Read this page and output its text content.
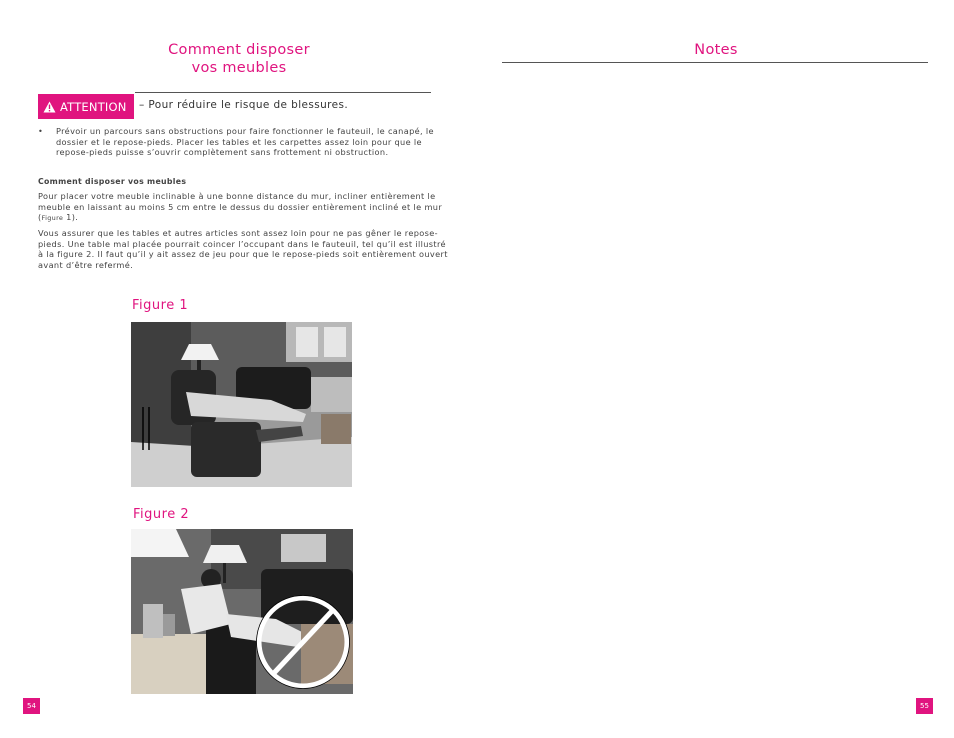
Comment disposer
vos meubles
ATTENTION – Pour réduire le risque de blessures.
•	Prévoir un parcours sans obstructions pour faire fonctionner le fauteuil, le canapé, le dossier et le repose-pieds. Placer les tables et les carpettes assez loin pour que le repose-pieds puisse s’ouvrir complètement sans frottement ni obstruction.
Comment disposer vos meubles
Pour placer votre meuble inclinable à une bonne distance du mur, incliner entièrement le meuble en laissant au moins 5 cm entre le dessus du dossier entièrement incliné et le mur (Figure 1).
Vous assurer que les tables et autres articles sont assez loin pour ne pas gêner le repose-pieds. Une table mal placée pourrait coincer l’occupant dans le fauteuil, tel qu’il est illustré à la figure 2. Il faut qu’il y ait assez de jeu pour que le repose-pieds soit entièrement ouvert avant d’être refermé.
Figure 1
Figure 2
54
Notes
55
